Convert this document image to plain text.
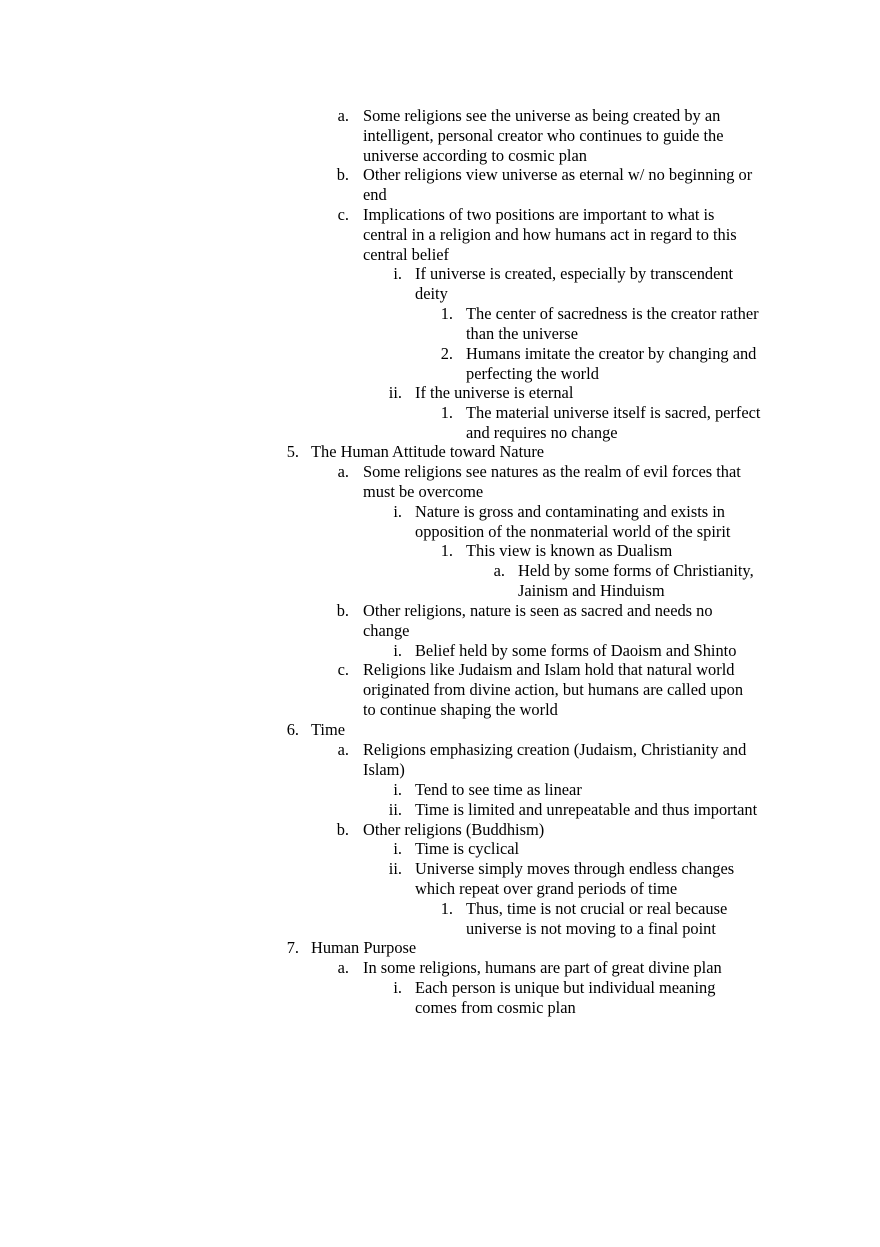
a. Some religions see the universe as being created by an
intelligent, personal creator who continues to guide the
universe according to cosmic plan
b. Other religions view universe as eternal w/ no beginning or
end
c. Implications of two positions are important to what is
central in a religion and how humans act in regard to this
central belief
i. If universe is created, especially by transcendent
deity
1. The center of sacredness is the creator rather
than the universe
2. Humans imitate the creator by changing and
perfecting the world
ii. If the universe is eternal
1. The material universe itself is sacred, perfect
and requires no change
5. The Human Attitude toward Nature
a. Some religions see natures as the realm of evil forces that
must be overcome
i. Nature is gross and contaminating and exists in
opposition of the nonmaterial world of the spirit
1. This view is known as Dualism
a. Held by some forms of Christianity,
Jainism and Hinduism
b. Other religions, nature is seen as sacred and needs no
change
i. Belief held by some forms of Daoism and Shinto
c. Religions like Judaism and Islam hold that natural world
originated from divine action, but humans are called upon
to continue shaping the world
6. Time
a. Religions emphasizing creation (Judaism, Christianity and
Islam)
i. Tend to see time as linear
ii. Time is limited and unrepeatable and thus important
b. Other religions (Buddhism)
i. Time is cyclical
ii. Universe simply moves through endless changes
which repeat over grand periods of time
1. Thus, time is not crucial or real because
universe is not moving to a final point
7. Human Purpose
a. In some religions, humans are part of great divine plan
i. Each person is unique but individual meaning
comes from cosmic plan
